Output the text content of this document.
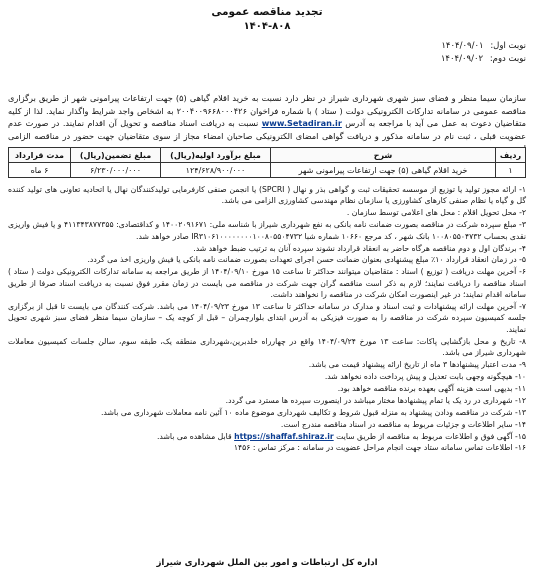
تجدید مناقصه عمومی
۱۴۰۴-۸۰۸
نوبت اول: ۱۴۰۴/۰۹/۰۱
نوبت دوم: ۱۴۰۴/۰۹/۰۲
سازمان سیما منظر و فضای سبز شهری شهرداری شیراز در نظر دارد نسبت به خرید اقلام گیاهی (۵) جهت ارتفاعات پیرامونی شهر از طریق برگزاری مناقصه عمومی در سامانه تدارکات الکترونیکی دولت ( ستاد ) با شماره فراخوان ۲۰۰۴۰۰۹۶۶۸۰۰۰۴۲۶ به اشخاص واجد شرایط واگذار نماید. لذا از کلیه متقاضیان دعوت به عمل می آید با مراجعه به آدرس www.Setadiran.ir نسبت به دریافت اسناد مناقصه و تحویل آن اقدام نمایند. در صورت عدم عضویت قبلی ، ثبت نام در سامانه مذکور و دریافت گواهی امضای الکترونیکی صاحبان امضاء مجاز از سوی متقاضیان جهت حضور در مناقصه الزامی
ردیف	شرح	مبلغ برآورد اولیه(ریال)	مبلغ تضمین(ریال)	مدت قرارداد
۱	خرید اقلام گیاهی (۵) جهت ارتفاعات پیرامونی شهر	۱۲۴/۶۲۸/۹۰۰/۰۰۰	۶/۲۳۰/۰۰۰/۰۰۰	۶ ماه
۱- ارائه مجوز تولید یا توزیع از موسسه تحقیقات ثبت و گواهی بذر و نهال ( SPCRI) یا انجمن صنفی کارفرمایی تولیدکنندگان نهال یا اتحادیه تعاونی های تولید کننده گل و گیاه یا نظام صنفی کارهای کشاورزی یا سازمان نظام مهندسی کشاورزی الزامی می باشد.
۲- محل تحویل اقلام : محل های اعلامی توسط سازمان .
۳- مبلغ سپرده شرکت در مناقصه بصورت ضمانت نامه بانکی به نفع شهرداری شیراز با شناسه ملی: ۱۴۰۰۲۰۹۱۶۷۱ و کداقتصادی: ۴۱۱۳۴۳۸۷۷۳۵۵ و یا فیش واریزی نقدی بحساب ۱۰۰۸۰۵۵۰۴۷۳۲ بانک شهر ، کد مرجع ۱۰۶۶۰ شماره شبا IR۳۱۰۶۱۰۰۰۰۰۰۰۰۱۰۰۸۰۵۵۰۴۷۳۲ صادر خواهد شد.
۴- برندگان اول و دوم مناقصه هرگاه حاضر به انعقاد قرارداد نشوند سپرده آنان به ترتیب ضبط خواهد شد.
۵- در زمان انعقاد قرارداد ۱۰٪ مبلغ پیشنهادی بعنوان ضمانت حسن اجرای تعهدات بصورت ضمانت نامه بانکی یا فیش واریزی اخذ می گردد.
۶- آخرین مهلت دریافت ( توزیع ) اسناد : متقاضیان میتوانند حداکثر تا ساعت ۱۵ مورخ ۱۴۰۴/۰۹/۱۰ از طریق مراجعه به سامانه تدارکات الکترونیکی دولت ( ستاد ) اسناد مناقصه را دریافت نمایند؛ لازم به ذکر است مناقصه گران جهت شرکت در مناقصه می بایست در زمان مقرر فوق نسبت به دریافت اسناد صرفا از طریق سامانه اقدام نمایند؛ در غیر اینصورت امکان شرکت در مناقصه را نخواهند داشت.
۷- آخرین مهلت ارائه پیشنهادات و ثبت اسناد و مدارک در سامانه حداکثر تا ساعت ۱۳ مورخ ۱۴۰۴/۰۹/۲۳ می باشد. شرکت کنندگان می بایست تا قبل از برگزاری جلسه کمیسیون سپرده شرکت در مناقصه را به صورت فیزیکی به آدرس ابتدای بلوارچمران – قبل از کوچه یک – سازمان سیما منظر فضای سبز شهری تحویل نمایند.
۸- تاریخ و محل بازگشایی پاکات: ساعت ۱۳ مورخ ۱۴۰۴/۰۹/۲۴ واقع در چهارراه خلدبرین،شهرداری منطقه یک، طبقه سوم، سالن جلسات کمیسیون معاملات شهرداری شیراز می باشد.
۹- مدت اعتبار پیشنهادها ۳ ماه از تاریخ ارائه پیشنهاد قیمت می باشد.
۱۰- هیچگونه وجهی بابت تعدیل و پیش پرداخت داده نخواهد شد.
۱۱- بدیهی است هزینه آگهی بعهده برنده مناقصه خواهد بود.
۱۲- شهرداری در رد یک یا تمام پیشنهادها مختار میباشد در اینصورت سپرده ها مسترد می گردد.
۱۳- شرکت در مناقصه ودادن پیشنهاد به منزله قبول شروط و تکالیف شهرداری موضوع ماده ۱۰ آئین نامه معاملات شهرداری می باشد.
۱۴- سایر اطلاعات و جزئیات مربوط به مناقصه در اسناد مناقصه مندرج است.
۱۵- آگهی فوق و اطلاعات مربوط به مناقصه از طریق سایت https://shaffaf.shiraz.ir قابل مشاهده می باشد.
۱۶- اطلاعات تماس سامانه ستاد جهت انجام مراحل عضویت در سامانه : مرکز تماس : ۱۴۵۶
اداره کل ارتباطات و امور بین الملل شهرداری شیراز
